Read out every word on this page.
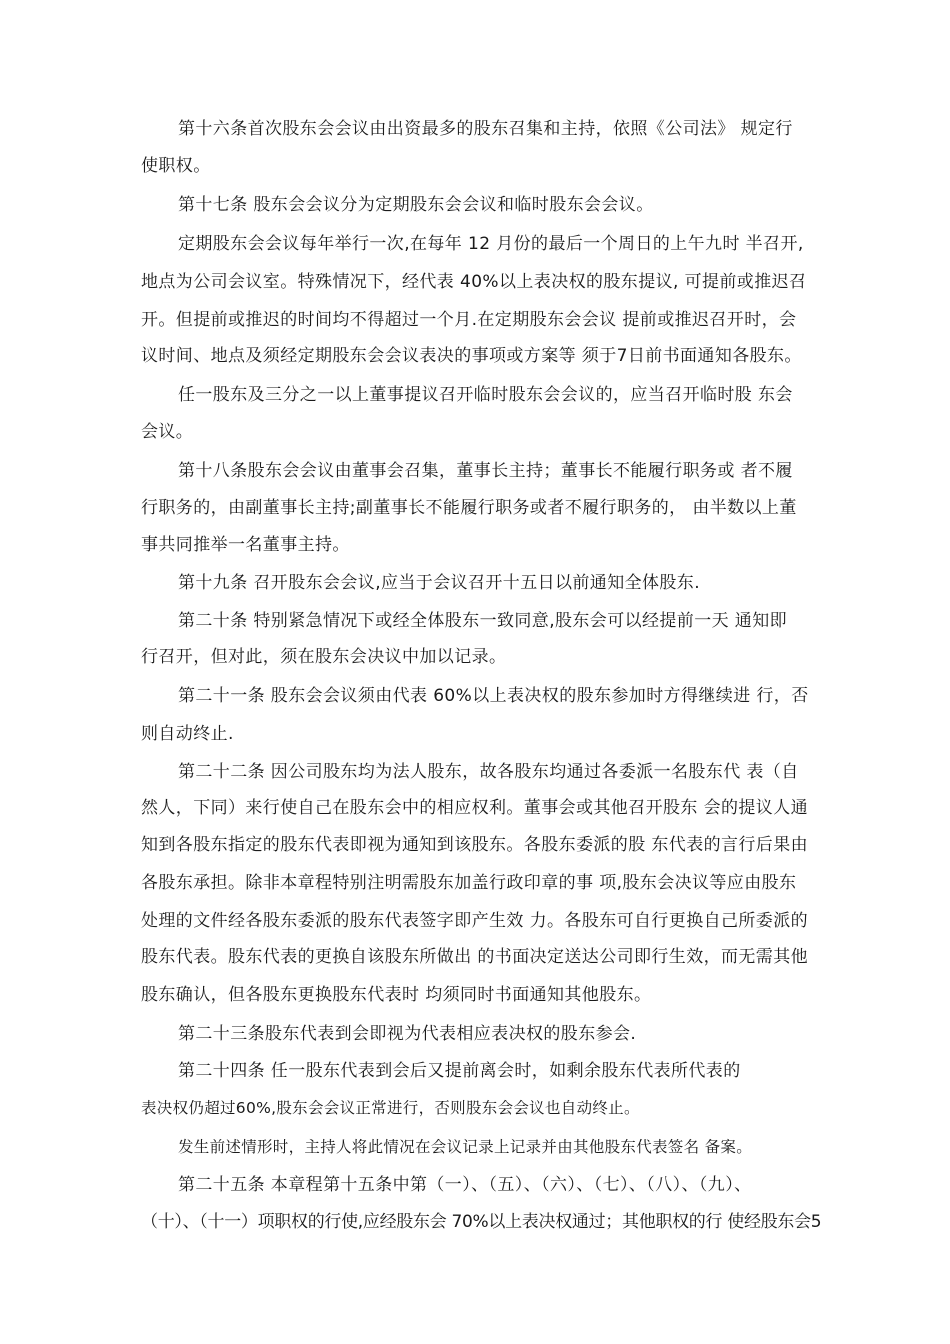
第十六条首次股东会会议由出资最多的股东召集和主持，依照《公司法》 规定行
使职权。
第十七条 股东会会议分为定期股东会会议和临时股东会会议。
定期股东会会议每年举行一次,在每年 12 月份的最后一个周日的上午九时 半召开,
地点为公司会议室。特殊情况下，经代表 40%以上表决权的股东提议, 可提前或推迟召
开。但提前或推迟的时间均不得超过一个月.在定期股东会会议 提前或推迟召开时，会
议时间、地点及须经定期股东会会议表决的事项或方案等 须于7日前书面通知各股东。
任一股东及三分之一以上董事提议召开临时股东会会议的，应当召开临时股 东会
会议。
第十八条股东会会议由董事会召集，董事长主持；董事长不能履行职务或 者不履
行职务的，由副董事长主持;副董事长不能履行职务或者不履行职务的， 由半数以上董
事共同推举一名董事主持。
第十九条 召开股东会会议,应当于会议召开十五日以前通知全体股东.
第二十条 特别紧急情况下或经全体股东一致同意,股东会可以经提前一天 通知即
行召开，但对此，须在股东会决议中加以记录。
第二十一条 股东会会议须由代表 60%以上表决权的股东参加时方得继续进 行，否
则自动终止.
第二十二条 因公司股东均为法人股东，故各股东均通过各委派一名股东代 表（自
然人，下同）来行使自己在股东会中的相应权利。董事会或其他召开股东 会的提议人通
知到各股东指定的股东代表即视为通知到该股东。各股东委派的股 东代表的言行后果由
各股东承担。除非本章程特别注明需股东加盖行政印章的事 项,股东会决议等应由股东
处理的文件经各股东委派的股东代表签字即产生效 力。各股东可自行更换自己所委派的
股东代表。股东代表的更换自该股东所做出 的书面决定送达公司即行生效，而无需其他
股东确认，但各股东更换股东代表时 均须同时书面通知其他股东。
第二十三条股东代表到会即视为代表相应表决权的股东参会.
第二十四条 任一股东代表到会后又提前离会时，如剩余股东代表所代表的
表决权仍超过60%,股东会会议正常进行，否则股东会会议也自动终止。
发生前述情形时，主持人将此情况在会议记录上记录并由其他股东代表签名 备案。
第二十五条 本章程第十五条中第（一）、（五）、（六）、（七）、（八）、（九）、
（十）、（十一）项职权的行使,应经股东会 70%以上表决权通过；其他职权的行 使经股东会5
